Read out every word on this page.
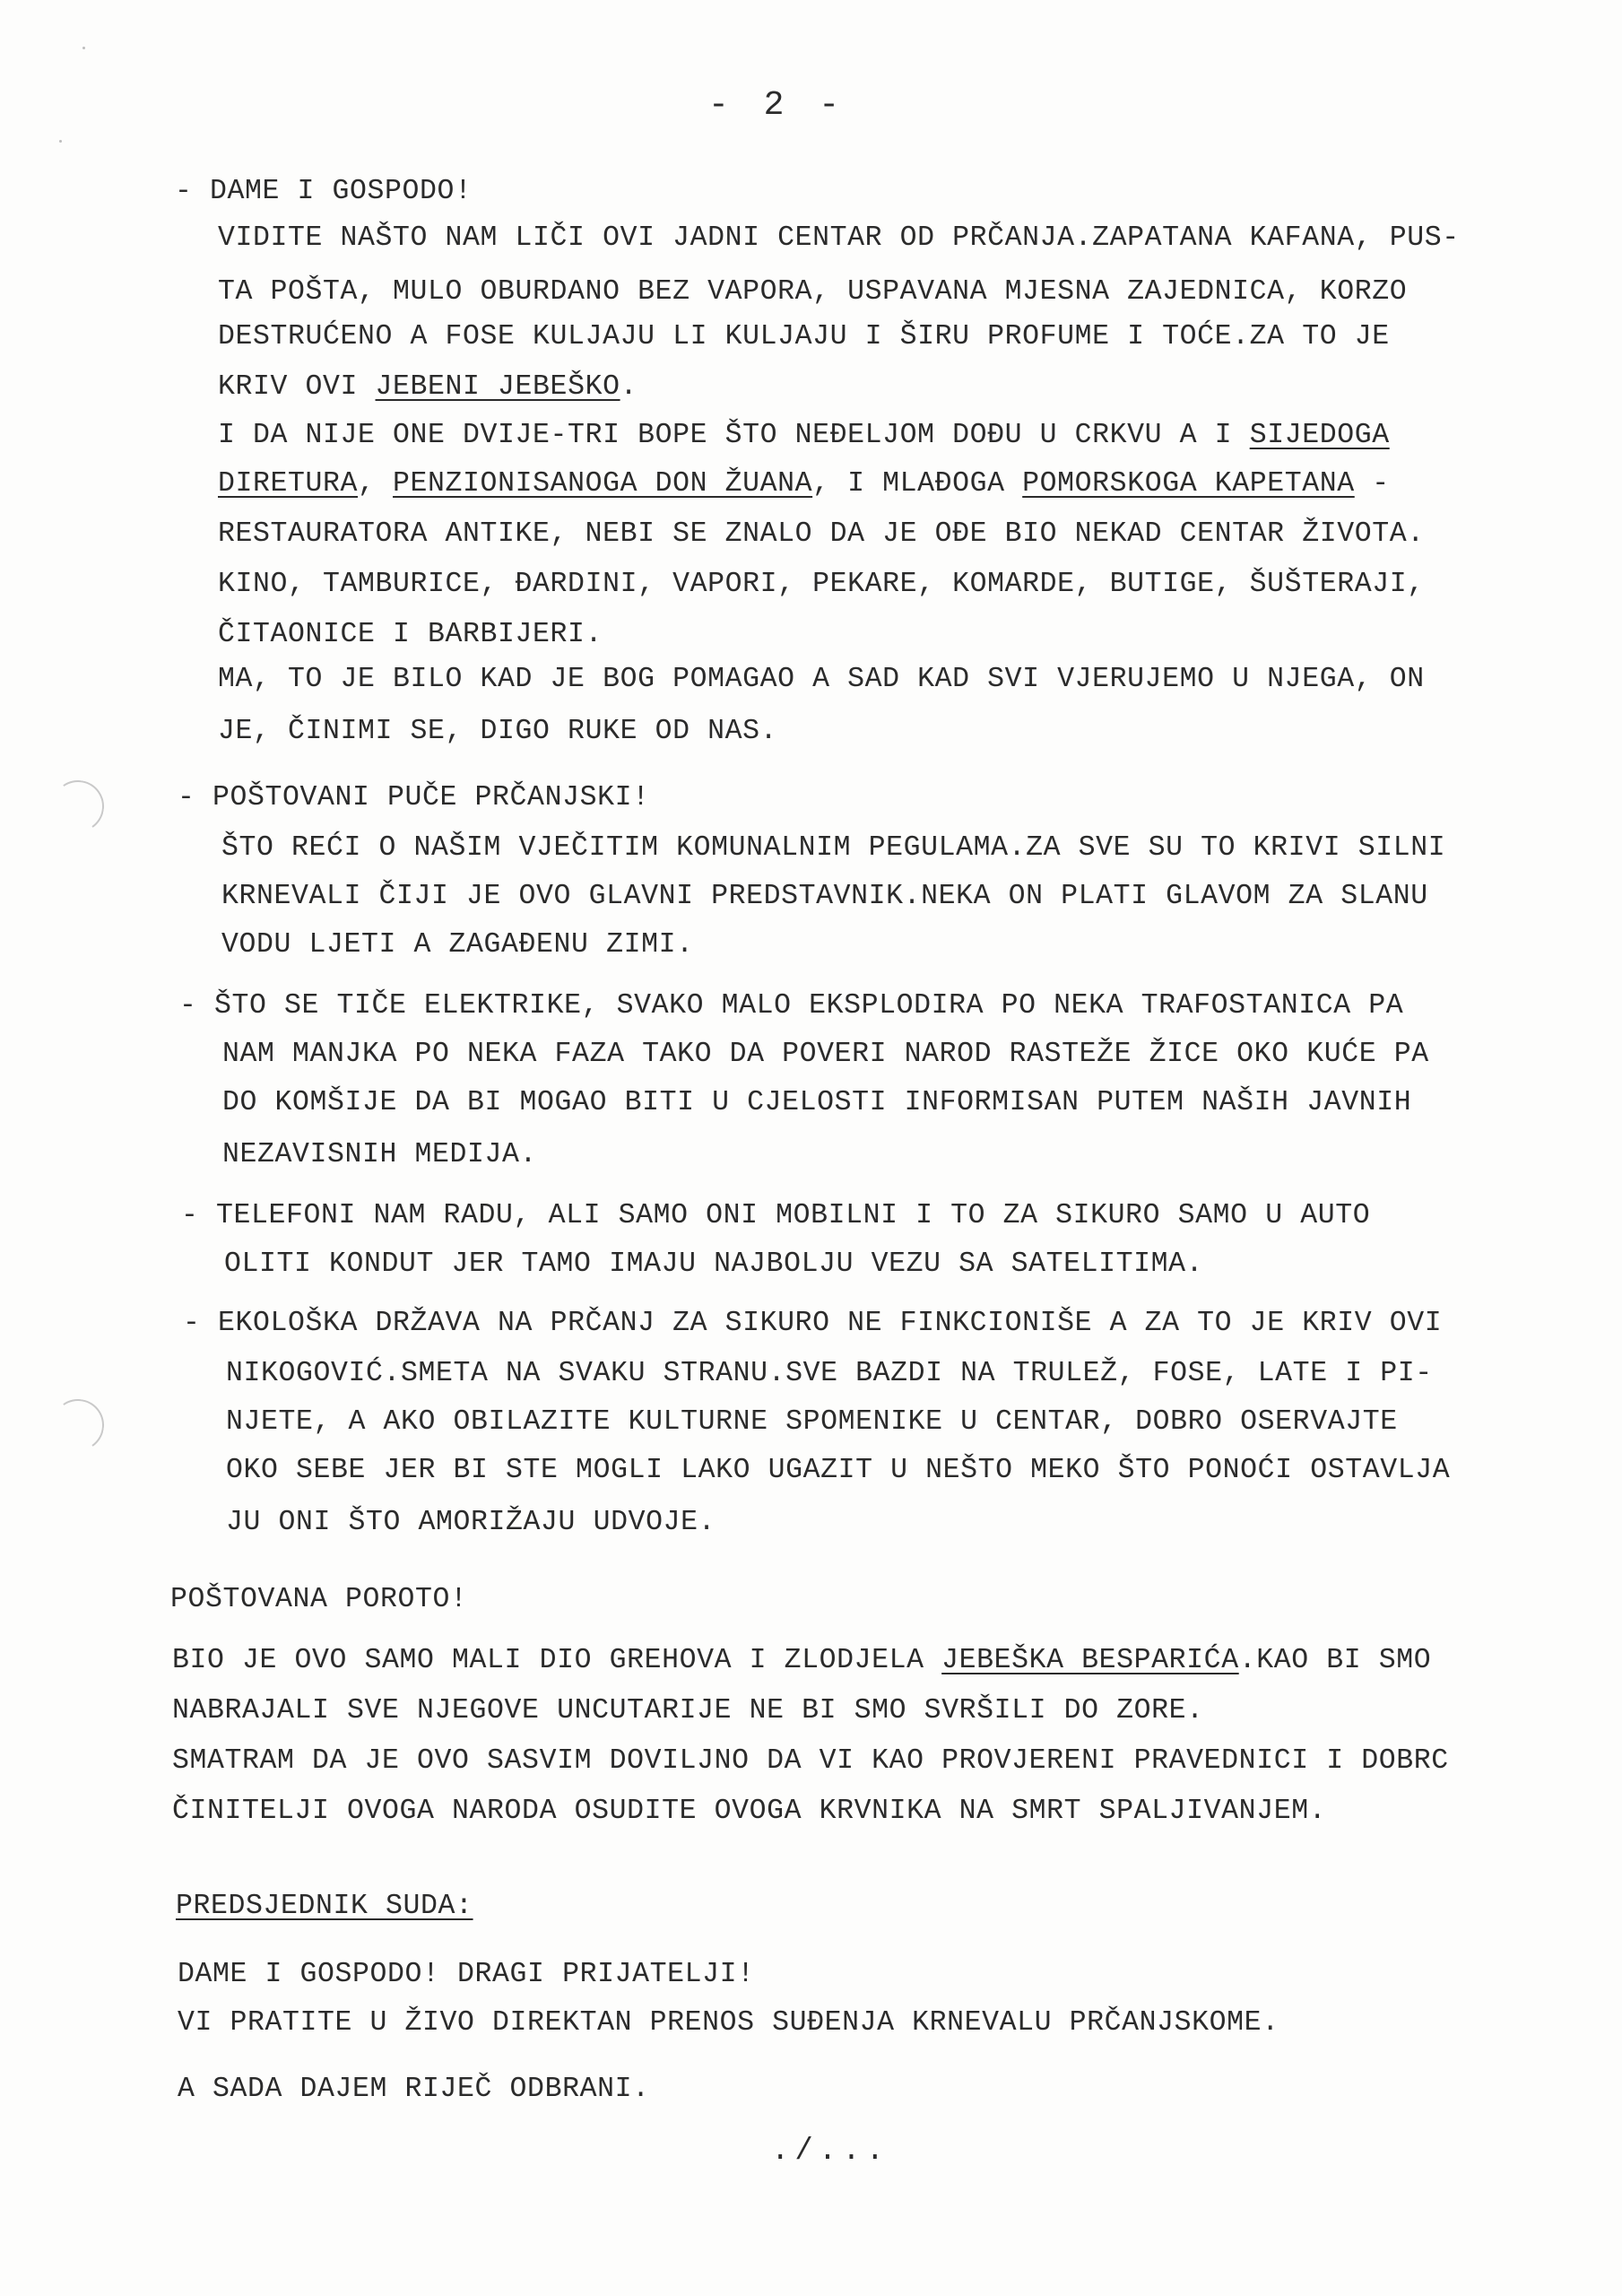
- 2 -
- DAME I GOSPODO!
VIDITE NAŠTO NAM LIČI OVI JADNI CENTAR OD PRČANJA.ZAPATANA KAFANA, PUS-
TA POŠTA, MULO OBURDANO BEZ VAPORA, USPAVANA MJESNA ZAJEDNICA, KORZO
DESTRUĆENO A FOSE KULJAJU LI KULJAJU I ŠIRU PROFUME I TOĆE.ZA TO JE
KRIV OVI JEBENI JEBEŠKO.
I DA NIJE ONE DVIJE-TRI BOPE ŠTO NEĐELJOM DOĐU U CRKVU A I SIJEDOGA
DIRETURA, PENZIONISANOGA DON ŽUANA, I MLAĐOGA POMORSKOGA KAPETANA -
RESTAURATORA ANTIKE, NEBI SE ZNALO DA JE OĐE BIO NEKAD CENTAR ŽIVOTA.
KINO, TAMBURICE, ĐARDINI, VAPORI, PEKARE, KOMARDE, BUTIGE, ŠUŠTERAJI,
ČITAONICE I BARBIJERI.
MA, TO JE BILO KAD JE BOG POMAGAO A SAD KAD SVI VJERUJEMO U NJEGA, ON
JE, ČINIMI SE, DIGO RUKE OD NAS.
- POŠTOVANI PUČE PRČANJSKI!
ŠTO REĆI O NAŠIM VJEČITIM KOMUNALNIM PEGULAMA.ZA SVE SU TO KRIVI SILNI
KRNEVALI ČIJI JE OVO GLAVNI PREDSTAVNIK.NEKA ON PLATI GLAVOM ZA SLANU
VODU LJETI A ZAGAĐENU ZIMI.
- ŠTO SE TIČE ELEKTRIKE, SVAKO MALO EKSPLODIRA PO NEKA TRAFOSTANICA PA
NAM MANJKA PO NEKA FAZA TAKO DA POVERI NAROD RASTEŽE ŽICE OKO KUĆE PA
DO KOMŠIJE DA BI MOGAO BITI U CJELOSTI INFORMISAN PUTEM NAŠIH JAVNIH
NEZAVISNIH MEDIJA.
- TELEFONI NAM RADU, ALI SAMO ONI MOBILNI I TO ZA SIKURO SAMO U AUTO
OLITI KONDUT JER TAMO IMAJU NAJBOLJU VEZU SA SATELITIMA.
- EKOLOŠKA DRŽAVA NA PRČANJ ZA SIKURO NE FINKCIONIŠE A ZA TO JE KRIV OVI
NIKOGOVIĆ.SMETA NA SVAKU STRANU.SVE BAZDI NA TRULEŽ, FOSE, LATE I PI-
NJETE, A AKO OBILAZITE KULTURNE SPOMENIKE U CENTAR, DOBRO OSERVAJTE
OKO SEBE JER BI STE MOGLI LAKO UGAZIT U NEŠTO MEKO ŠTO PONOĆI OSTAVLJA
JU ONI ŠTO AMORIŽAJU UDVOJE.
POŠTOVANA POROTO!
BIO JE OVO SAMO MALI DIO GREHOVA I ZLODJELA JEBEŠKA BESPARIĆA.KAO BI SMO
NABRAJALI SVE NJEGOVE UNCUTARIJE NE BI SMO SVRŠILI DO ZORE.
SMATRAM DA JE OVO SASVIM DOVILJNO DA VI KAO PROVJERENI PRAVEDNICI I DOBRC
ČINITELJI OVOGA NARODA OSUDITE OVOGA KRVNIKA NA SMRT SPALJIVANJEM.
PREDSJEDNIK SUDA:
DAME I GOSPODO! DRAGI PRIJATELJI!
VI PRATITE U ŽIVO DIREKTAN PRENOS SUĐENJA KRNEVALU PRČANJSKOME.
A SADA DAJEM RIJEČ ODBRANI.
./...
